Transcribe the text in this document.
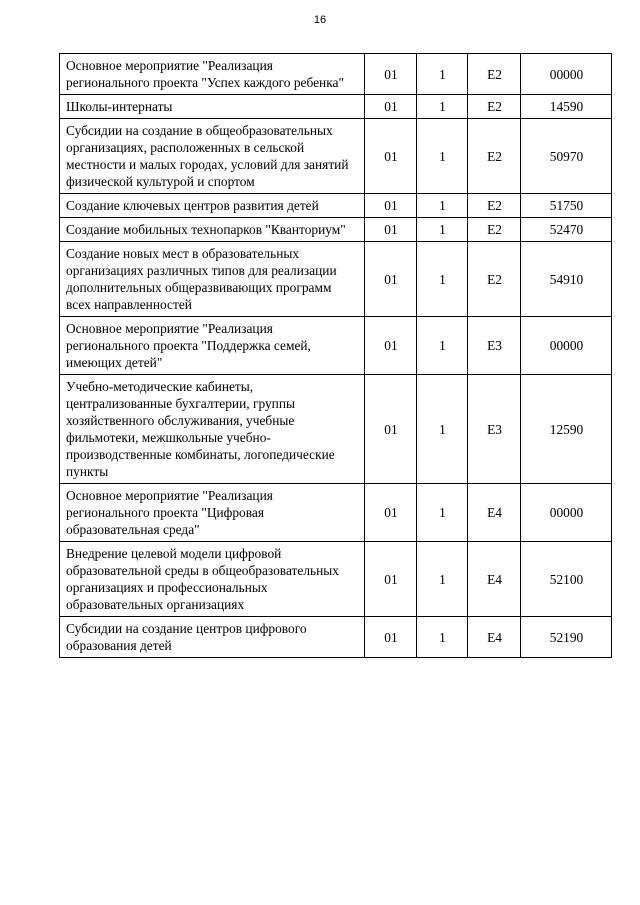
16
Основное мероприятие "Реализация регионального проекта "Успех каждого ребенка"	01	1	Е2	00000
Школы-интернаты	01	1	Е2	14590
Субсидии на создание в общеобразовательных организациях, расположенных в сельской местности и малых городах, условий для занятий физической культурой и спортом	01	1	Е2	50970
Создание ключевых центров развития детей	01	1	Е2	51750
Создание мобильных технопарков "Кванториум"	01	1	Е2	52470
Создание новых мест в образовательных организациях различных типов для реализации дополнительных общеразвивающих программ всех направленностей	01	1	Е2	54910
Основное мероприятие "Реализация регионального проекта "Поддержка семей, имеющих детей"	01	1	Е3	00000
Учебно-методические кабинеты, централизованные бухгалтерии, группы хозяйственного обслуживания, учебные фильмотеки, межшкольные учебно-производственные комбинаты, логопедические пункты	01	1	Е3	12590
Основное мероприятие "Реализация регионального проекта "Цифровая образовательная среда"	01	1	Е4	00000
Внедрение целевой модели цифровой образовательной среды в общеобразовательных организациях и профессиональных образовательных организациях	01	1	Е4	52100
Субсидии на создание центров цифрового образования детей	01	1	Е4	52190
